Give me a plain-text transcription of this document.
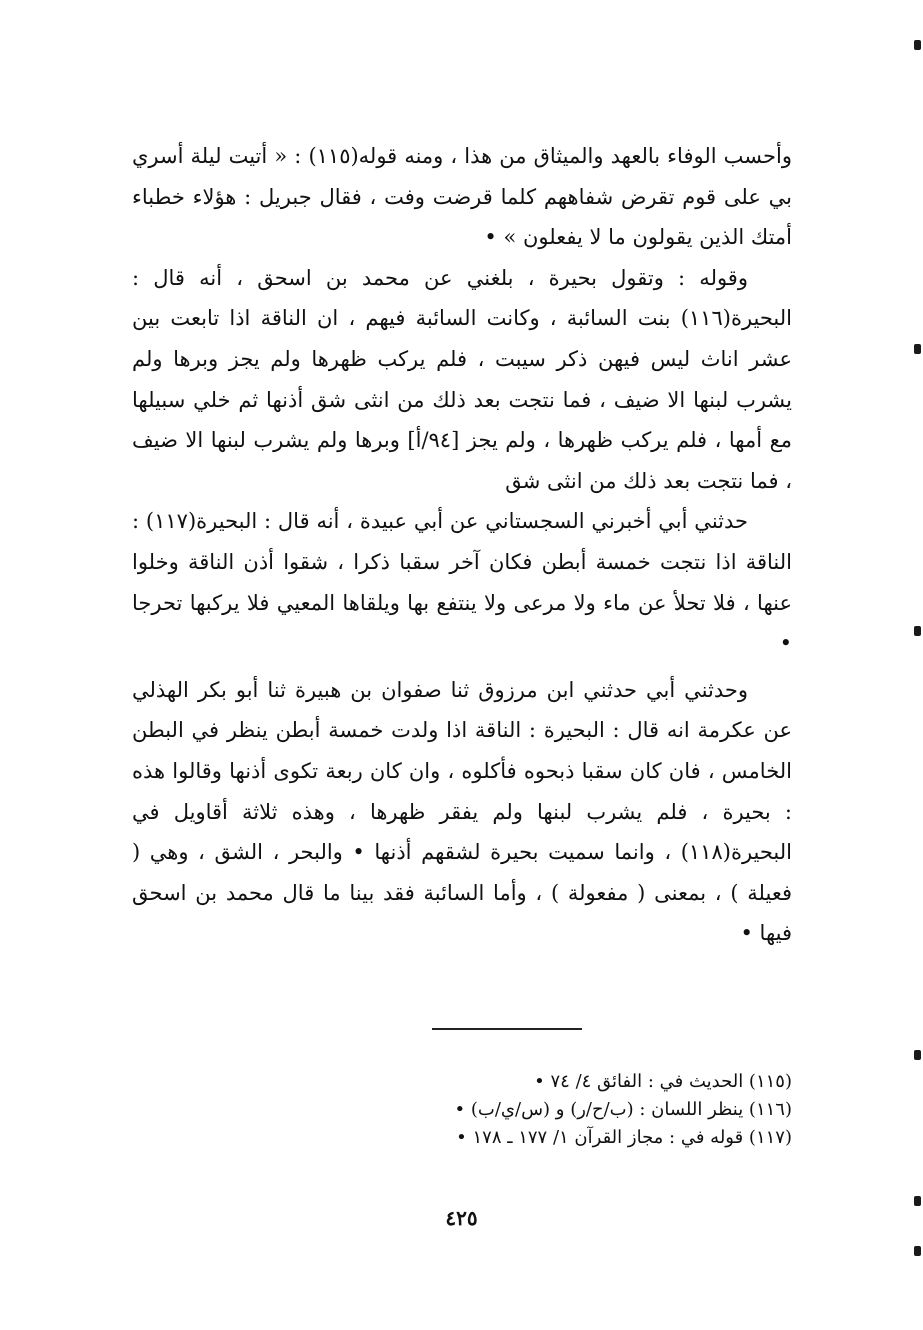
وأحسب الوفاء بالعهد والميثاق من هذا ، ومنه قوله(١١٥) : « أتيت ليلة أسري بي على قوم تقرض شفاههم كلما قرضت وفت ، فقال جبريل : هؤلاء خطباء أمتك الذين يقولون ما لا يفعلون » •

وقوله : وتقول بحيرة ، بلغني عن محمد بن اسحق ، أنه قال : البحيرة(١١٦) بنت السائبة ، وكانت السائبة فيهم ، ان الناقة اذا تابعت بين عشر اناث ليس فيهن ذكر سيبت ، فلم يركب ظهرها ولم يجز وبرها ولم يشرب لبنها الا ضيف ، فما نتجت بعد ذلك من انثى شق أذنها ثم خلي سبيلها مع أمها ، فلم يركب ظهرها ، ولم يجز [٩٤/أ] وبرها ولم يشرب لبنها الا ضيف ، فما نتجت بعد ذلك من انثى شق

حدثني أبي أخبرني السجستاني عن أبي عبيدة ، أنه قال : البحيرة(١١٧) : الناقة اذا نتجت خمسة أبطن فكان آخر سقبا ذكرا ، شقوا أذن الناقة وخلوا عنها ، فلا تحلأ عن ماء ولا مرعى ولا ينتفع بها ويلقاها المعيي فلا يركبها تحرجا •

وحدثني أبي حدثني ابن مرزوق ثنا صفوان بن هبيرة ثنا أبو بكر الهذلي عن عكرمة انه قال : البحيرة : الناقة اذا ولدت خمسة أبطن ينظر في البطن الخامس ، فان كان سقبا ذبحوه فأكلوه ، وان كان ربعة تكوى أذنها وقالوا هذه : بحيرة ، فلم يشرب لبنها ولم يفقر ظهرها ، وهذه ثلاثة أقاويل في البحيرة(١١٨) ، وانما سميت بحيرة لشقهم أذنها • والبحر ، الشق ، وهي ( فعيلة ) ، بمعنى ( مفعولة ) ، وأما السائبة فقد بينا ما قال محمد بن اسحق فيها •

(١١٥) الحديث في : الفائق ٤/ ٧٤ •

(١١٦) ينظر اللسان : (ب/ح/ر) و (س/ي/ب) •

(١١٧) قوله في : مجاز القرآن ١/ ١٧٧ ـ ١٧٨ •

٤٢٥
